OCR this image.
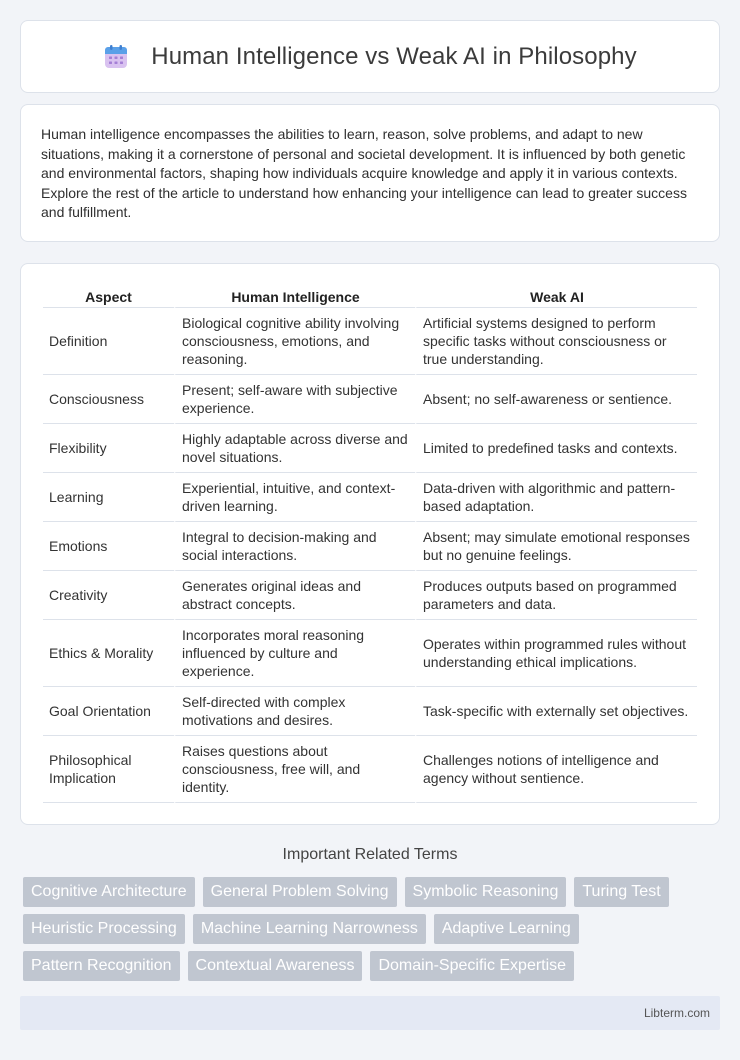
Human Intelligence vs Weak AI in Philosophy

Human intelligence encompasses the abilities to learn, reason, solve problems, and adapt to new situations, making it a cornerstone of personal and societal development. It is influenced by both genetic and environmental factors, shaping how individuals acquire knowledge and apply it in various contexts. Explore the rest of the article to understand how enhancing your intelligence can lead to greater success and fulfillment.

Aspect	Human Intelligence	Weak AI
Definition	Biological cognitive ability involving consciousness, emotions, and reasoning.	Artificial systems designed to perform specific tasks without consciousness or true understanding.
Consciousness	Present; self-aware with subjective experience.	Absent; no self-awareness or sentience.
Flexibility	Highly adaptable across diverse and novel situations.	Limited to predefined tasks and contexts.
Learning	Experiential, intuitive, and context-driven learning.	Data-driven with algorithmic and pattern-based adaptation.
Emotions	Integral to decision-making and social interactions.	Absent; may simulate emotional responses but no genuine feelings.
Creativity	Generates original ideas and abstract concepts.	Produces outputs based on programmed parameters and data.
Ethics & Morality	Incorporates moral reasoning influenced by culture and experience.	Operates within programmed rules without understanding ethical implications.
Goal Orientation	Self-directed with complex motivations and desires.	Task-specific with externally set objectives.
Philosophical Implication	Raises questions about consciousness, free will, and identity.	Challenges notions of intelligence and agency without sentience.
Important Related Terms
Cognitive Architecture	General Problem Solving	Symbolic Reasoning	Turing Test
Heuristic Processing	Machine Learning Narrowness	Adaptive Learning
Pattern Recognition	Contextual Awareness	Domain-Specific Expertise
Libterm.com
